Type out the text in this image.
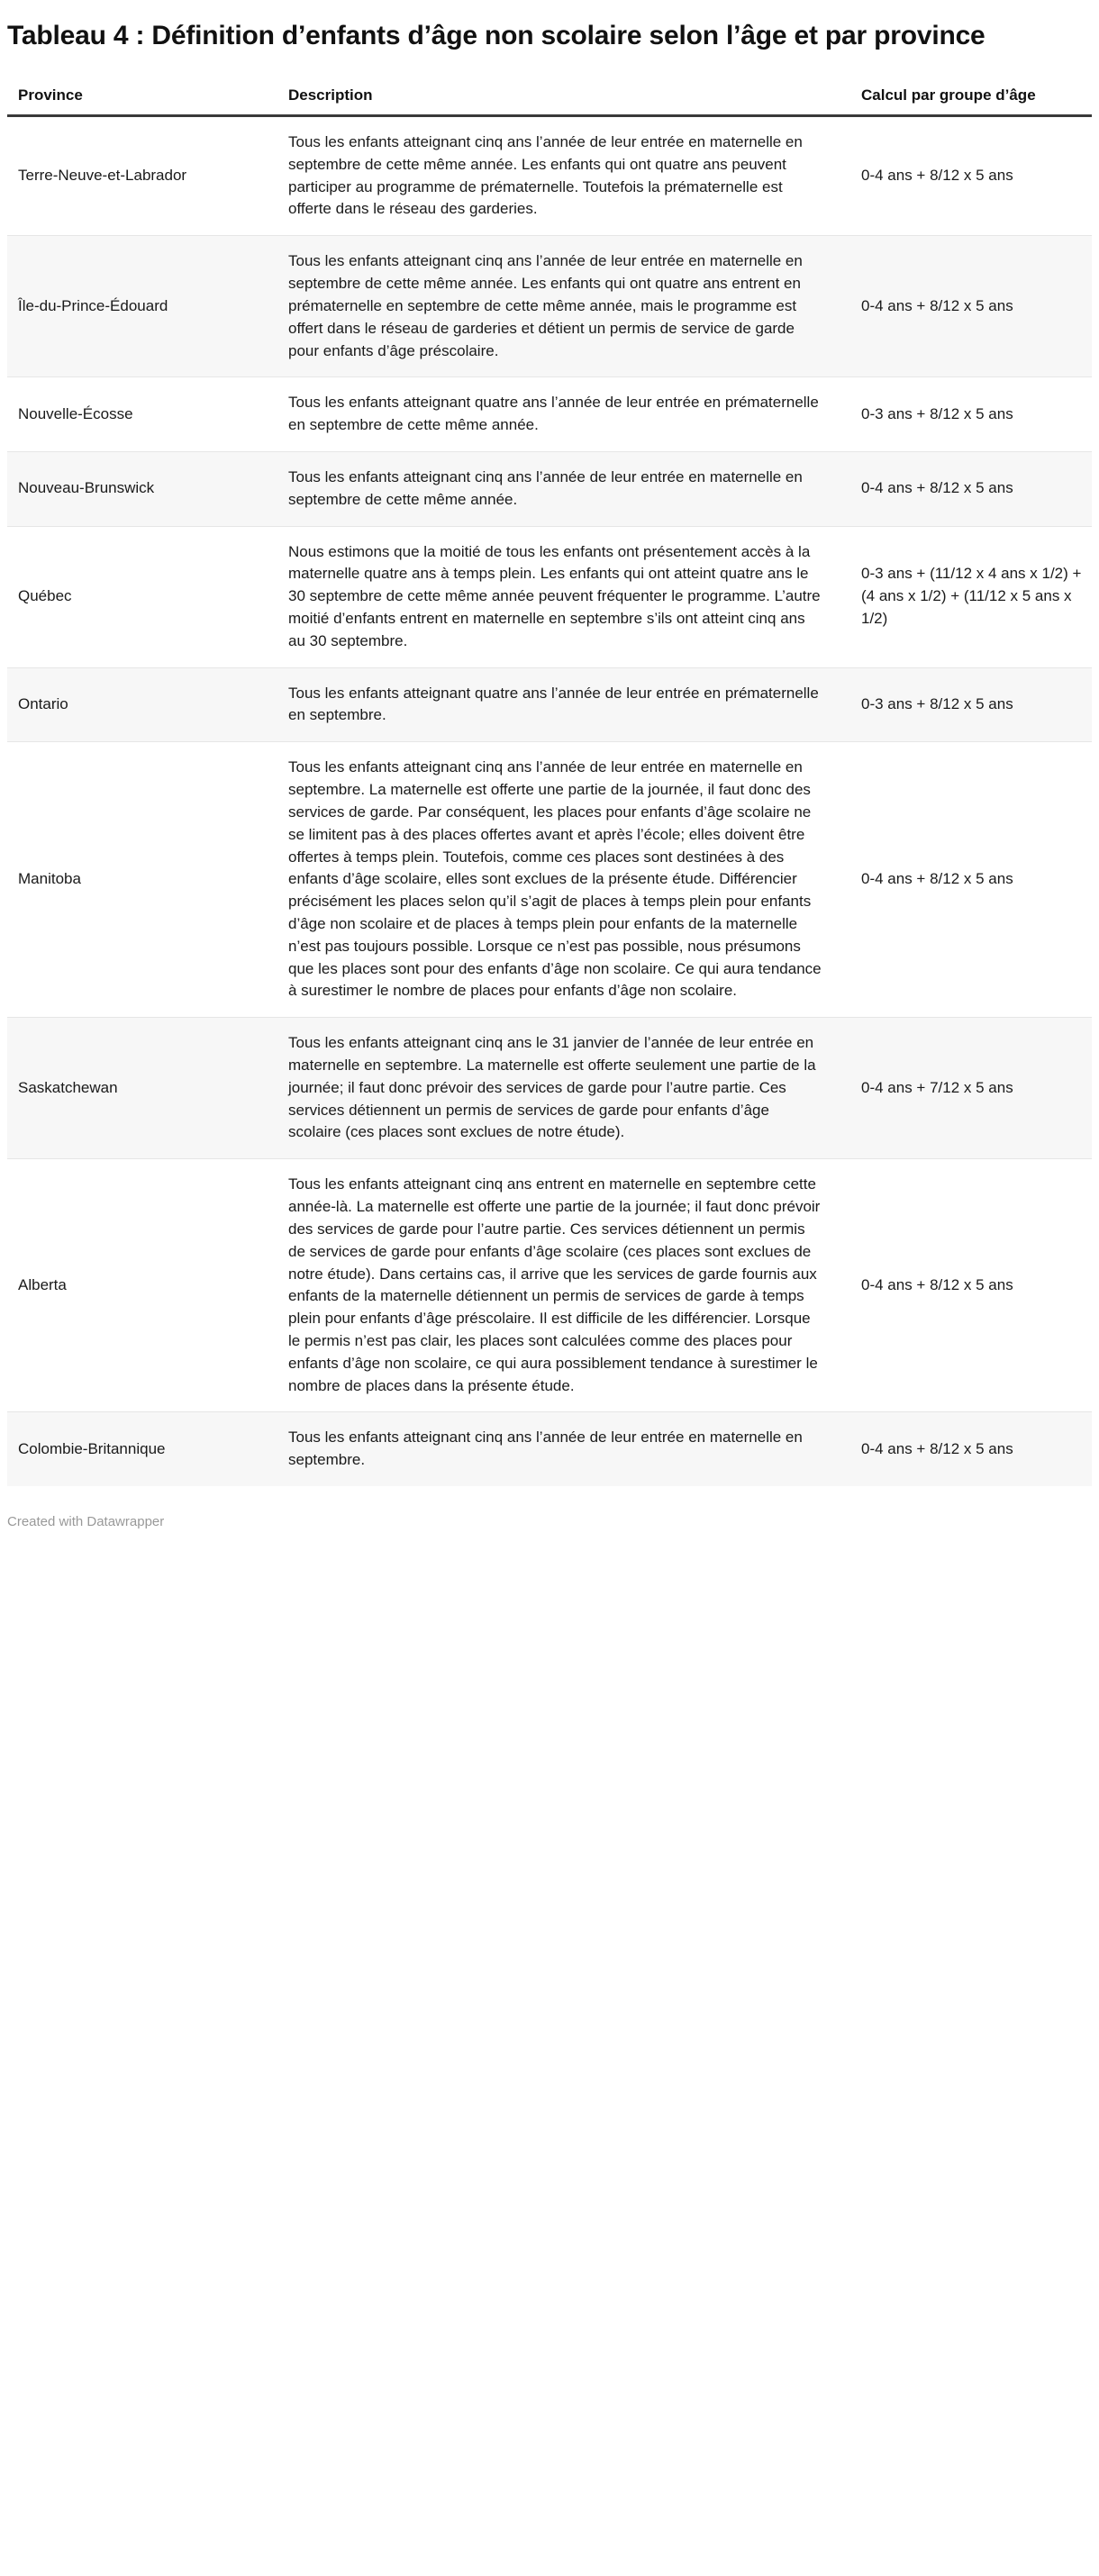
Tableau 4 : Définition d’enfants d’âge non scolaire selon l’âge et par province
Province	Description	Calcul par groupe d’âge
Terre-Neuve-et-Labrador	Tous les enfants atteignant cinq ans l’année de leur entrée en maternelle en septembre de cette même année. Les enfants qui ont quatre ans peuvent participer au programme de prématernelle. Toutefois la prématernelle est offerte dans le réseau des garderies.	0-4 ans + 8/12 x 5 ans
Île-du-Prince-Édouard	Tous les enfants atteignant cinq ans l’année de leur entrée en maternelle en septembre de cette même année. Les enfants qui ont quatre ans entrent en prématernelle en septembre de cette même année, mais le programme est offert dans le réseau de garderies et détient un permis de service de garde pour enfants d’âge préscolaire.	0-4 ans + 8/12 x 5 ans
Nouvelle-Écosse	Tous les enfants atteignant quatre ans l’année de leur entrée en prématernelle en septembre de cette même année.	0-3 ans + 8/12 x 5 ans
Nouveau-Brunswick	Tous les enfants atteignant cinq ans l’année de leur entrée en maternelle en septembre de cette même année.	0-4 ans + 8/12 x 5 ans
Québec	Nous estimons que la moitié de tous les enfants ont présentement accès à la maternelle quatre ans à temps plein. Les enfants qui ont atteint quatre ans le 30 septembre de cette même année peuvent fréquenter le programme. L’autre moitié d’enfants entrent en maternelle en septembre s’ils ont atteint cinq ans au 30 septembre.	0-3 ans + (11/12 x 4 ans x 1/2) + (4 ans x 1/2) + (11/12 x 5 ans x 1/2)
Ontario	Tous les enfants atteignant quatre ans l’année de leur entrée en prématernelle en septembre.	0-3 ans + 8/12 x 5 ans
Manitoba	Tous les enfants atteignant cinq ans l’année de leur entrée en maternelle en septembre. La maternelle est offerte une partie de la journée, il faut donc des services de garde. Par conséquent, les places pour enfants d’âge scolaire ne se limitent pas à des places offertes avant et après l’école; elles doivent être offertes à temps plein. Toutefois, comme ces places sont destinées à des enfants d’âge scolaire, elles sont exclues de la présente étude. Différencier précisément les places selon qu’il s’agit de places à temps plein pour enfants d’âge non scolaire et de places à temps plein pour enfants de la maternelle n’est pas toujours possible. Lorsque ce n’est pas possible, nous présumons que les places sont pour des enfants d’âge non scolaire. Ce qui aura tendance à surestimer le nombre de places pour enfants d’âge non scolaire.	0-4 ans + 8/12 x 5 ans
Saskatchewan	Tous les enfants atteignant cinq ans le 31 janvier de l’année de leur entrée en maternelle en septembre. La maternelle est offerte seulement une partie de la journée; il faut donc prévoir des services de garde pour l’autre partie. Ces services détiennent un permis de services de garde pour enfants d’âge scolaire (ces places sont exclues de notre étude).	0-4 ans + 7/12 x 5 ans
Alberta	Tous les enfants atteignant cinq ans entrent en maternelle en septembre cette année-là. La maternelle est offerte une partie de la journée; il faut donc prévoir des services de garde pour l’autre partie. Ces services détiennent un permis de services de garde pour enfants d’âge scolaire (ces places sont exclues de notre étude). Dans certains cas, il arrive que les services de garde fournis aux enfants de la maternelle détiennent un permis de services de garde à temps plein pour enfants d’âge préscolaire. Il est difficile de les différencier. Lorsque le permis n’est pas clair, les places sont calculées comme des places pour enfants d’âge non scolaire, ce qui aura possiblement tendance à surestimer le nombre de places dans la présente étude.	0-4 ans + 8/12 x 5 ans
Colombie-Britannique	Tous les enfants atteignant cinq ans l’année de leur entrée en maternelle en septembre.	0-4 ans + 8/12 x 5 ans
Created with Datawrapper
